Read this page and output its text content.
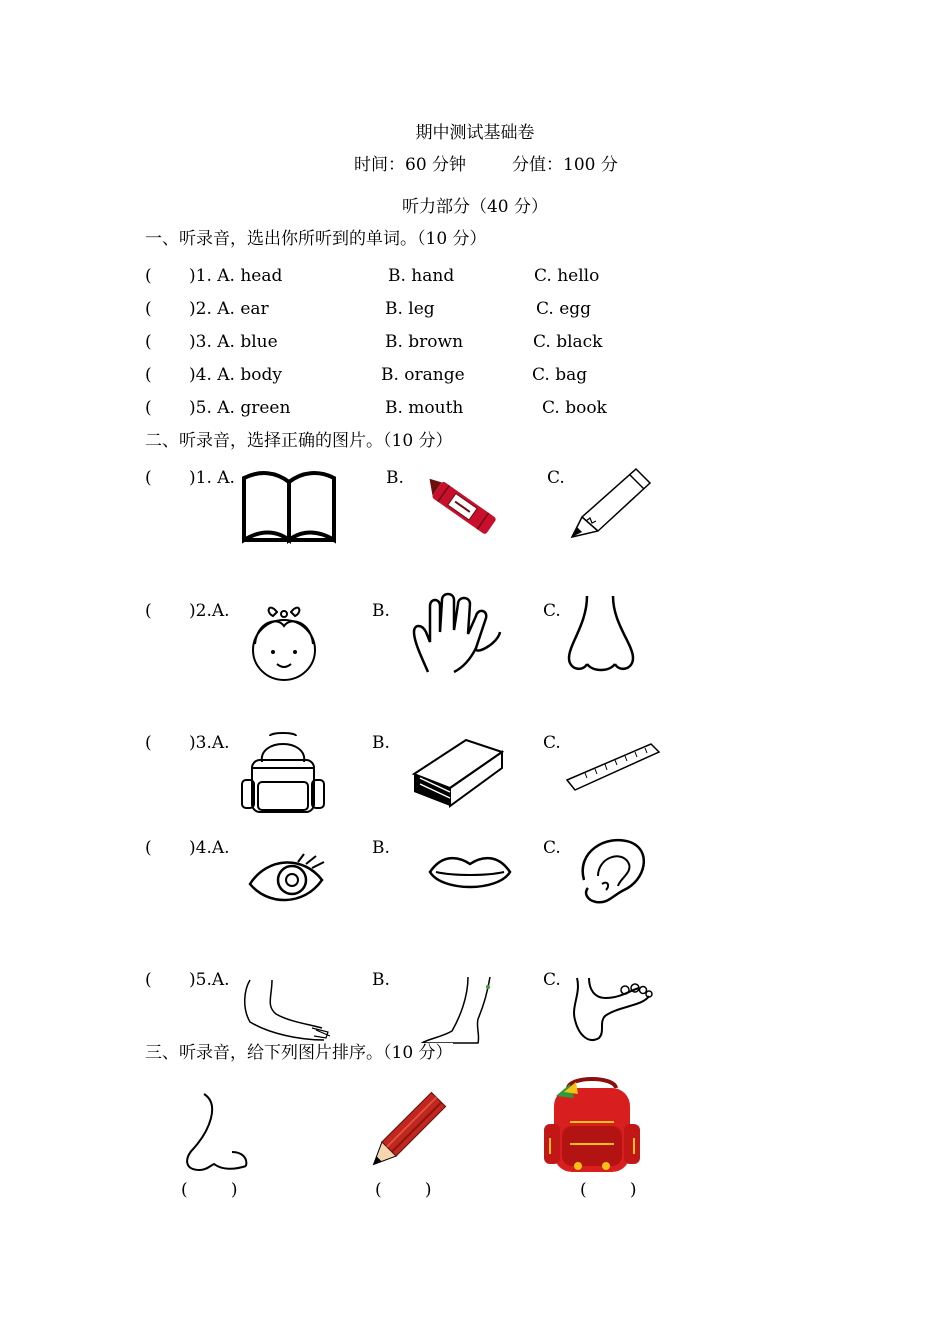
期中测试基础卷
时间：60 分钟	分值：100 分
听力部分（40 分）
一、听录音，选出你所听到的单词。（10 分）
( )1. A. head	B. hand	C. hello
( )2. A. ear	B. leg	C. egg
( )3. A. blue	B. brown	C. black
( )4. A. body	B. orange	C. bag
( )5. A. green	B. mouth	C. book
二、听录音，选择正确的图片。（10 分）
( )1. A.	B.	C.
( )2.A.	B.	C.
( )3.A.	B.	C.
( )4.A.	B.	C.
( )5.A.	B.	C.
三、听录音，给下列图片排序。（10 分）
(        )	(        )	(        )
